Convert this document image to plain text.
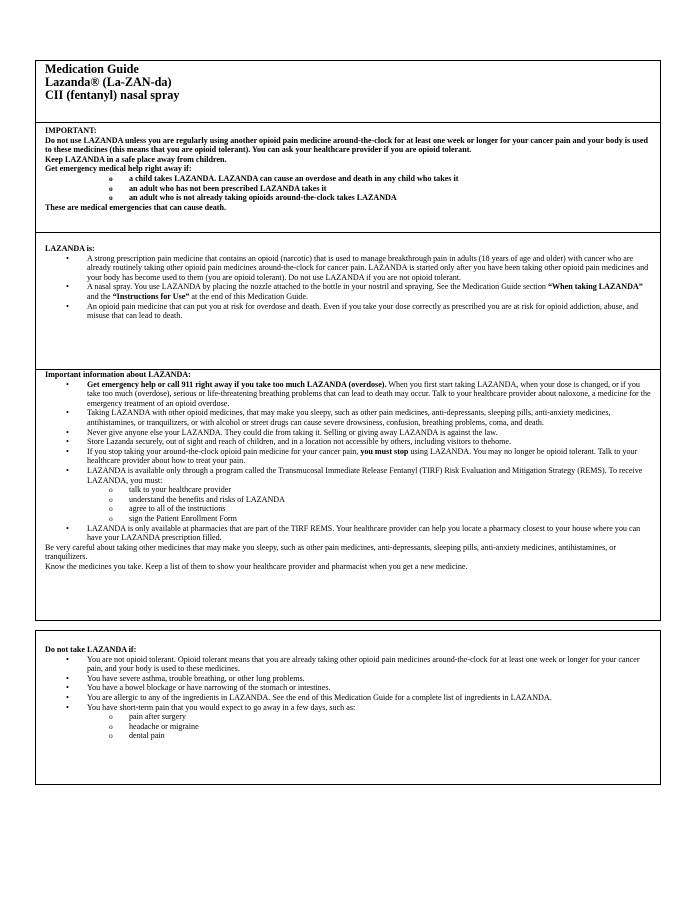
Medication Guide

Lazanda® (La-ZAN-da)

CII (fentanyl) nasal spray

IMPORTANT:

Do not use LAZANDA unless you are regularly using another opioid pain medicine around-the-clock for at least one week or longer for your cancer pain and your body is used to these medicines (this means that you are opioid tolerant). You can ask your healthcare provider if you are opioid tolerant.

Keep LAZANDA in a safe place away from children.

Get emergency medical help right away if:

o a child takes LAZANDA. LAZANDA can cause an overdose and death in any child who takes it
o an adult who has not been prescribed LAZANDA takes it
o an adult who is not already taking opioids around-the-clock takes LAZANDA

These are medical emergencies that can cause death.

LAZANDA is:

• A strong prescription pain medicine that contains an opioid (narcotic) that is used to manage breakthrough pain in adults (18 years of age and older) with cancer who are already routinely taking other opioid pain medicines around-the-clock for cancer pain. LAZANDA is started only after you have been taking other opioid pain medicines and your body has become used to them (you are opioid tolerant). Do not use LAZANDA if you are not opioid tolerant.
• A nasal spray. You use LAZANDA by placing the nozzle attached to the bottle in your nostril and spraying. See the Medication Guide section “When taking LAZANDA” and the “Instructions for Use” at the end of this Medication Guide.
• An opioid pain medicine that can put you at risk for overdose and death. Even if you take your dose correctly as prescribed you are at risk for opioid addiction, abuse, and misuse that can lead to death.

Important information about LAZANDA:

• Get emergency help or call 911 right away if you take too much LAZANDA (overdose). When you first start taking LAZANDA, when your dose is changed, or if you take too much (overdose), serious or life-threatening breathing problems that can lead to death may occur. Talk to your healthcare provider about naloxone, a medicine for the emergency treatment of an opioid overdose.
• Taking LAZANDA with other opioid medicines, that may make you sleepy, such as other pain medicines, anti-depressants, sleeping pills, anti-anxiety medicines, antihistamines, or tranquilizers, or with alcohol or street drugs can cause severe drowsiness, confusion, breathing problems, coma, and death.
• Never give anyone else your LAZANDA. They could die from taking it. Selling or giving away LAZANDA is against the law.
• Store Lazanda securely, out of sight and reach of children, and in a location not accessible by others, including visitors to thehome.
• If you stop taking your around-the-clock opioid pain medicine for your cancer pain, you must stop using LAZANDA. You may no longer be opioid tolerant. Talk to your healthcare provider about how to treat your pain.
• LAZANDA is available only through a program called the Transmucosal Immediate Release Fentanyl (TIRF) Risk Evaluation and Mitigation Strategy (REMS). To receive LAZANDA, you must:
o talk to your healthcare provider
o understand the benefits and risks of LAZANDA
o agree to all of the instructions
o sign the Patient Enrollment Form
• LAZANDA is only available at pharmacies that are part of the TIRF REMS. Your healthcare provider can help you locate a pharmacy closest to your house where you can have your LAZANDA prescription filled.

Be very careful about taking other medicines that may make you sleepy, such as other pain medicines, anti-depressants, sleeping pills, anti-anxiety medicines, antihistamines, or tranquilizers.

Know the medicines you take. Keep a list of them to show your healthcare provider and pharmacist when you get a new medicine.

Do not take LAZANDA if:

• You are not opioid tolerant. Opioid tolerant means that you are already taking other opioid pain medicines around-the-clock for at least one week or longer for your cancer pain, and your body is used to these medicines.
• You have severe asthma, trouble breathing, or other lung problems.
• You have a bowel blockage or have narrowing of the stomach or intestines.
• You are allergic to any of the ingredients in LAZANDA. See the end of this Medication Guide for a complete list of ingredients in LAZANDA.
• You have short-term pain that you would expect to go away in a few days, such as:
o pain after surgery
o headache or migraine
o dental pain
